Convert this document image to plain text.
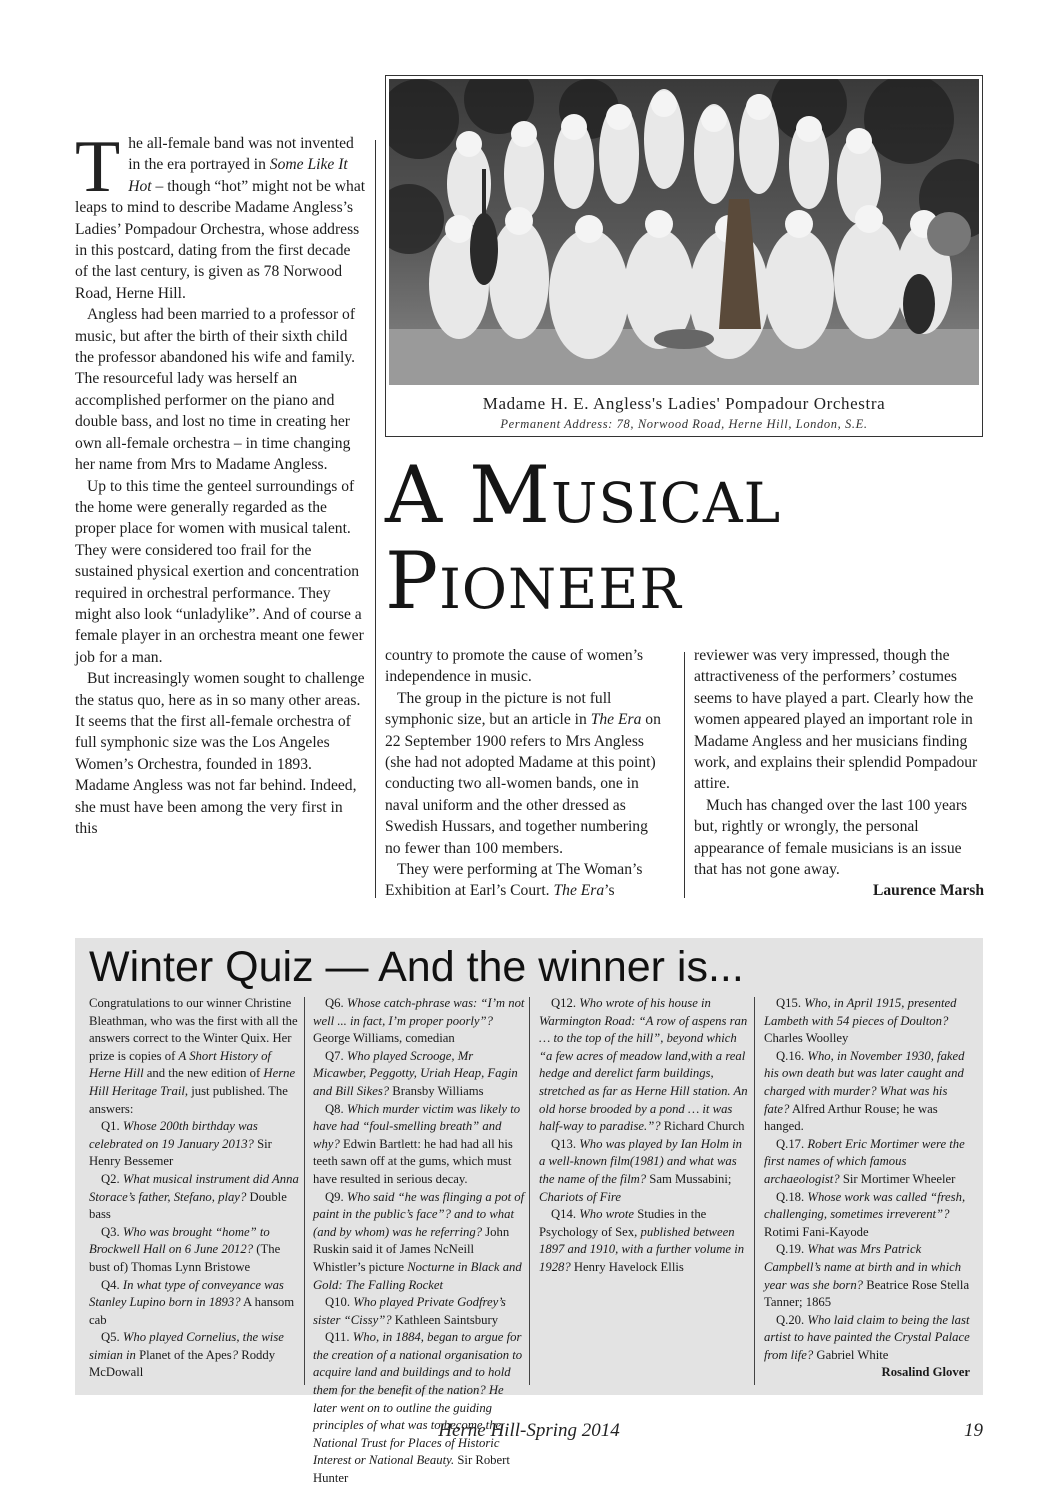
The all-female band was not invented in the era portrayed in Some Like It Hot – though “hot” might not be what leaps to mind to describe Madame Angless’s Ladies’ Pompadour Orchestra, whose address in this postcard, dating from the first decade of the last century, is given as 78 Norwood Road, Herne Hill.

Angless had been married to a professor of music, but after the birth of their sixth child the professor abandoned his wife and family. The resourceful lady was herself an accomplished performer on the piano and double bass, and lost no time in creating her own all-female orchestra – in time changing her name from Mrs to Madame Angless.

Up to this time the genteel surroundings of the home were generally regarded as the proper place for women with musical talent. They were considered too frail for the sustained physical exertion and concentration required in orchestral performance. They might also look “unladylike”. And of course a female player in an orchestra meant one fewer job for a man.

But increasingly women sought to challenge the status quo, here as in so many other areas. It seems that the first all-female orchestra of full symphonic size was the Los Angeles Women’s Orchestra, founded in 1893. Madame Angless was not far behind. Indeed, she must have been among the very first in this

Madame H. E. Angless's Ladies' Pompadour Orchestra
Permanent Address: 78, Norwood Road, Herne Hill, London, S.E.
A Musical
Pioneer

country to promote the cause of women’s independence in music.

The group in the picture is not full symphonic size, but an article in The Era on 22 September 1900 refers to Mrs Angless (she had not adopted Madame at this point) conducting two all-women bands, one in naval uniform and the other dressed as Swedish Hussars, and together numbering no fewer than 100 members.

They were performing at The Woman’s Exhibition at Earl’s Court. The Era’s

reviewer was very impressed, though the attractiveness of the performers’ costumes seems to have played a part. Clearly how the women appeared played an important role in Madame Angless and her musicians finding work, and explains their splendid Pompadour attire.

Much has changed over the last 100 years but, rightly or wrongly, the personal appearance of female musicians is an issue that has not gone away.

Laurence Marsh

Winter Quiz — And the winner is...

Congratulations to our winner Christine Bleathman, who was the first with all the answers correct to the Winter Quix. Her prize is copies of A Short History of Herne Hill and the new edition of Herne Hill Heritage Trail, just published. The answers:

Q1. Whose 200th birthday was celebrated on 19 January 2013? Sir Henry Bessemer

Q2. What musical instrument did Anna Storace’s father, Stefano, play? Double bass

Q3. Who was brought “home” to Brockwell Hall on 6 June 2012? (The bust of) Thomas Lynn Bristowe

Q4. In what type of conveyance was Stanley Lupino born in 1893? A hansom cab

Q5. Who played Cornelius, the wise simian in Planet of the Apes? Roddy McDowall

Q6. Whose catch-phrase was: “I’m not well ... in fact, I’m proper poorly”? George Williams, comedian

Q7. Who played Scrooge, Mr Micawber, Peggotty, Uriah Heap, Fagin and Bill Sikes? Bransby Williams

Q8. Which murder victim was likely to have had “foul-smelling breath” and why? Edwin Bartlett: he had had all his teeth sawn off at the gums, which must have resulted in serious decay.

Q9. Who said “he was flinging a pot of paint in the public’s face”? and to what (and by whom) was he referring? John Ruskin said it of James NcNeill Whistler’s picture Nocturne in Black and Gold: The Falling Rocket

Q10. Who played Private Godfrey’s sister “Cissy”? Kathleen Saintsbury

Q11. Who, in 1884, began to argue for the creation of a national organisation to acquire land and buildings and to hold them for the benefit of the nation? He later went on to outline the guiding principles of what was to become the National Trust for Places of Historic Interest or National Beauty. Sir Robert Hunter

Q12. Who wrote of his house in Warmington Road: “A row of aspens ran … to the top of the hill”, beyond which “a few acres of meadow land,with a real hedge and derelict farm buildings, stretched as far as Herne Hill station. An old horse brooded by a pond … it was half-way to paradise.”? Richard Church

Q13. Who was played by Ian Holm in a well-known film(1981) and what was the name of the film? Sam Mussabini; Chariots of Fire

Q14. Who wrote Studies in the Psychology of Sex, published between 1897 and 1910, with a further volume in 1928? Henry Havelock Ellis

Q15. Who, in April 1915, presented Lambeth with 54 pieces of Doulton? Charles Woolley

Q.16. Who, in November 1930, faked his own death but was later caught and charged with murder? What was his fate? Alfred Arthur Rouse; he was hanged.

Q.17. Robert Eric Mortimer were the first names of which famous archaeologist? Sir Mortimer Wheeler

Q.18. Whose work was called “fresh, challenging, sometimes irreverent”? Rotimi Fani-Kayode

Q.19. What was Mrs Patrick Campbell’s name at birth and in which year was she born? Beatrice Rose Stella Tanner; 1865

Q.20. Who laid claim to being the last artist to have painted the Crystal Palace from life? Gabriel White

Rosalind Glover

Herne Hill-Spring 2014	19
